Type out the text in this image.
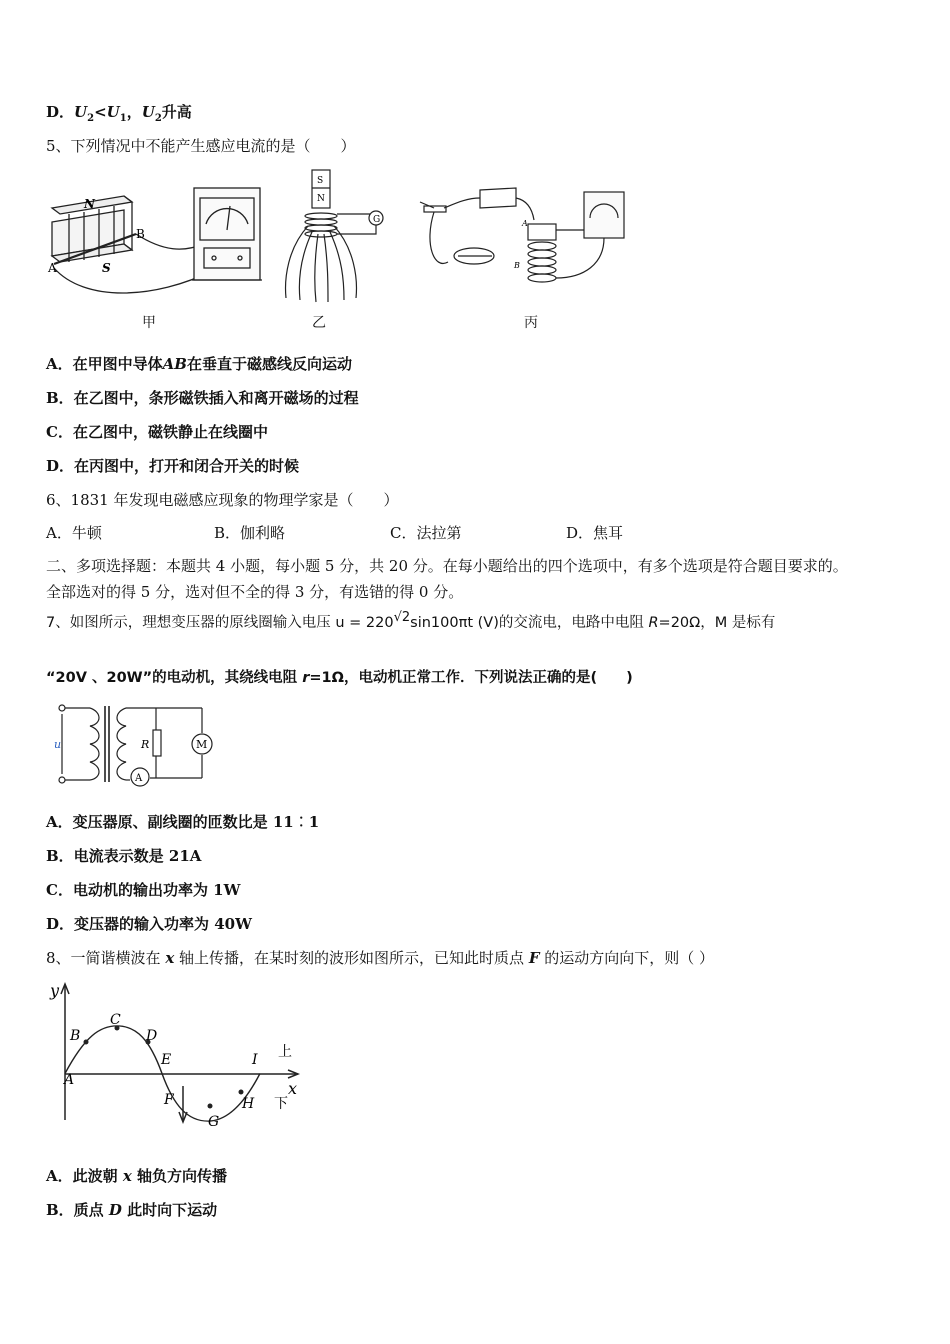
D．$U_2<U_1$，$U_2$升高
5、下列情况中不能产生感应电流的是（　　）
N
B
A	S
甲
S
N
G
乙
A
B
丙
A．在甲图中导体AB在垂直于磁感线反向运动
B．在乙图中，条形磁铁插入和离开磁场的过程
C．在乙图中，磁铁静止在线圈中
D．在丙图中，打开和闭合开关的时候
6、1831 年发现电磁感应现象的物理学家是（　　）
A．牛顿	B．伽利略	C．法拉第	D．焦耳
二、多项选择题：本题共 4 小题，每小题 5 分，共 20 分。在每小题给出的四个选项中，有多个选项是符合题目要求的。
全部选对的得 5 分，选对但不全的得 3 分，有选错的得 0 分。
7、如图所示，理想变压器的原线圈输入电压 u = 220√2sin100πt (V)的交流电，电路中电阻 R=20Ω，M 是标有
“20V 、20W”的电动机，其绕线电阻 r=1Ω，电动机正常工作．下列说法正确的是(　　)
u	R	M
A
A．变压器原、副线圈的匝数比是 11︰1
B．电流表示数是 21A
C．电动机的输出功率为 1W
D．变压器的输入功率为 40W
8、一简谐横波在 x 轴上传播，在某时刻的波形如图所示，已知此时质点 F 的运动方向向下，则（ ）
y
x
A
B
C
D
E
F
G
H
I 上
下
A．此波朝 x 轴负方向传播
B．质点 D 此时向下运动
